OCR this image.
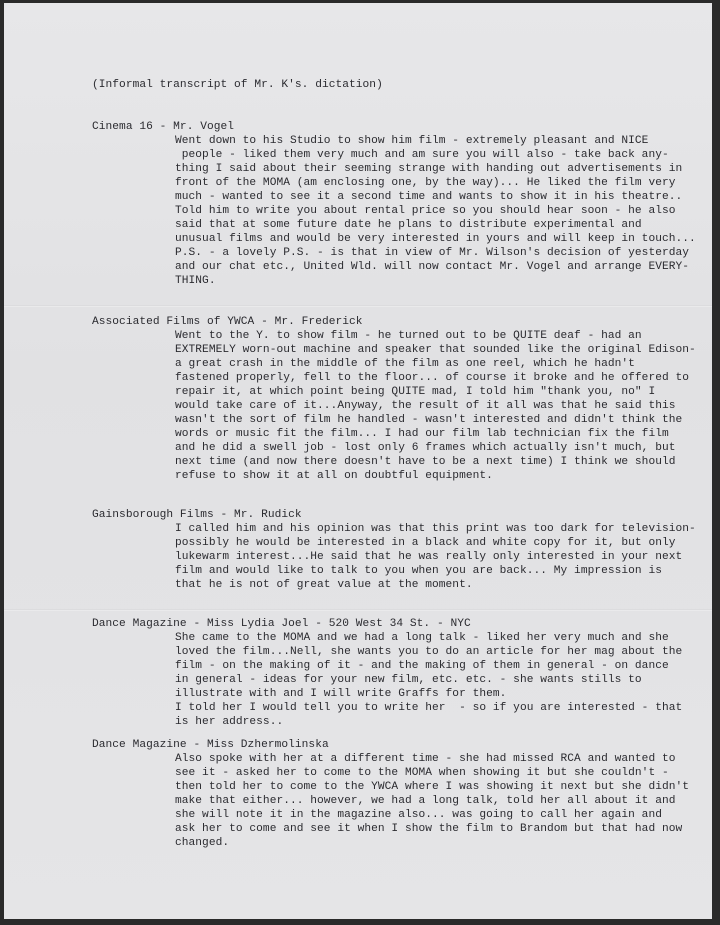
(Informal transcript of Mr. K's. dictation)

Cinema 16 - Mr. Vogel

Went down to his Studio to show him film - extremely pleasant and NICE

people - liked them very much and am sure you will also - take back any-

thing I said about their seeming strange with handing out advertisements in

front of the MOMA (am enclosing one, by the way)... He liked the film very

much - wanted to see it a second time and wants to show it in his theatre..

Told him to write you about rental price so you should hear soon - he also

said that at some future date he plans to distribute experimental and

unusual films and would be very interested in yours and will keep in touch...

P.S. - a lovely P.S. - is that in view of Mr. Wilson's decision of yesterday

and our chat etc., United Wld. will now contact Mr. Vogel and arrange EVERY-

THING.

Associated Films of YWCA - Mr. Frederick

Went to the Y. to show film - he turned out to be QUITE deaf - had an

EXTREMELY worn-out machine and speaker that sounded like the original Edison-

a great crash in the middle of the film as one reel, which he hadn't

fastened properly, fell to the floor... of course it broke and he offered to

repair it, at which point being QUITE mad, I told him "thank you, no" I

would take care of it...Anyway, the result of it all was that he said this

wasn't the sort of film he handled - wasn't interested and didn't think the

words or music fit the film... I had our film lab technician fix the film

and he did a swell job - lost only 6 frames which actually isn't much, but

next time (and now there doesn't have to be a next time) I think we should

refuse to show it at all on doubtful equipment.

Gainsborough Films - Mr. Rudick

I called him and his opinion was that this print was too dark for television-

possibly he would be interested in a black and white copy for it, but only

lukewarm interest...He said that he was really only interested in your next

film and would like to talk to you when you are back... My impression is

that he is not of great value at the moment.

Dance Magazine - Miss Lydia Joel - 520 West 34 St. - NYC

She came to the MOMA and we had a long talk - liked her very much and she

loved the film...Nell, she wants you to do an article for her mag about the

film - on the making of it - and the making of them in general - on dance

in general - ideas for your new film, etc. etc. - she wants stills to

illustrate with and I will write Graffs for them.

I told her I would tell you to write her  - so if you are interested - that

is her address..

Dance Magazine - Miss Dzhermolinska

Also spoke with her at a different time - she had missed RCA and wanted to

see it - asked her to come to the MOMA when showing it but she couldn't -

then told her to come to the YWCA where I was showing it next but she didn't

make that either... however, we had a long talk, told her all about it and

she will note it in the magazine also... was going to call her again and

ask her to come and see it when I show the film to Brandom but that had now

changed.
